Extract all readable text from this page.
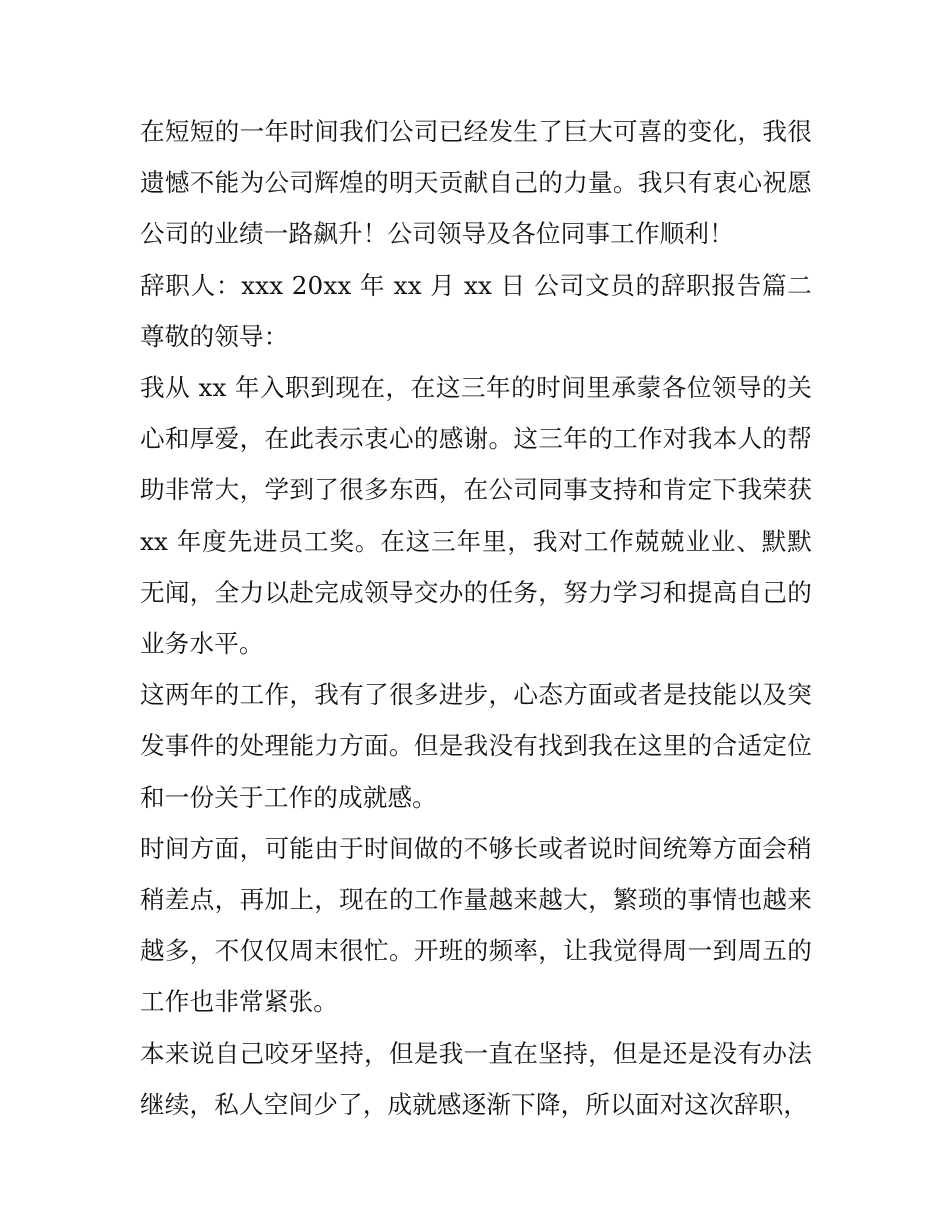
在短短的一年时间我们公司已经发生了巨大可喜的变化，我很遗憾不能为公司辉煌的明天贡献自己的力量。我只有衷心祝愿公司的业绩一路飙升！公司领导及各位同事工作顺利！

辞职人：xxx 20xx 年 xx 月 xx 日 公司文员的辞职报告篇二 尊敬的领导：

我从 xx 年入职到现在，在这三年的时间里承蒙各位领导的关心和厚爱，在此表示衷心的感谢。这三年的工作对我本人的帮助非常大，学到了很多东西，在公司同事支持和肯定下我荣获 xx 年度先进员工奖。在这三年里，我对工作兢兢业业、默默无闻，全力以赴完成领导交办的任务，努力学习和提高自己的业务水平。

这两年的工作，我有了很多进步，心态方面或者是技能以及突发事件的处理能力方面。但是我没有找到我在这里的合适定位和一份关于工作的成就感。

时间方面，可能由于时间做的不够长或者说时间统筹方面会稍稍差点，再加上，现在的工作量越来越大，繁琐的事情也越来越多，不仅仅周末很忙。开班的频率，让我觉得周一到周五的工作也非常紧张。

本来说自己咬牙坚持，但是我一直在坚持，但是还是没有办法继续，私人空间少了，成就感逐渐下降，所以面对这次辞职，
